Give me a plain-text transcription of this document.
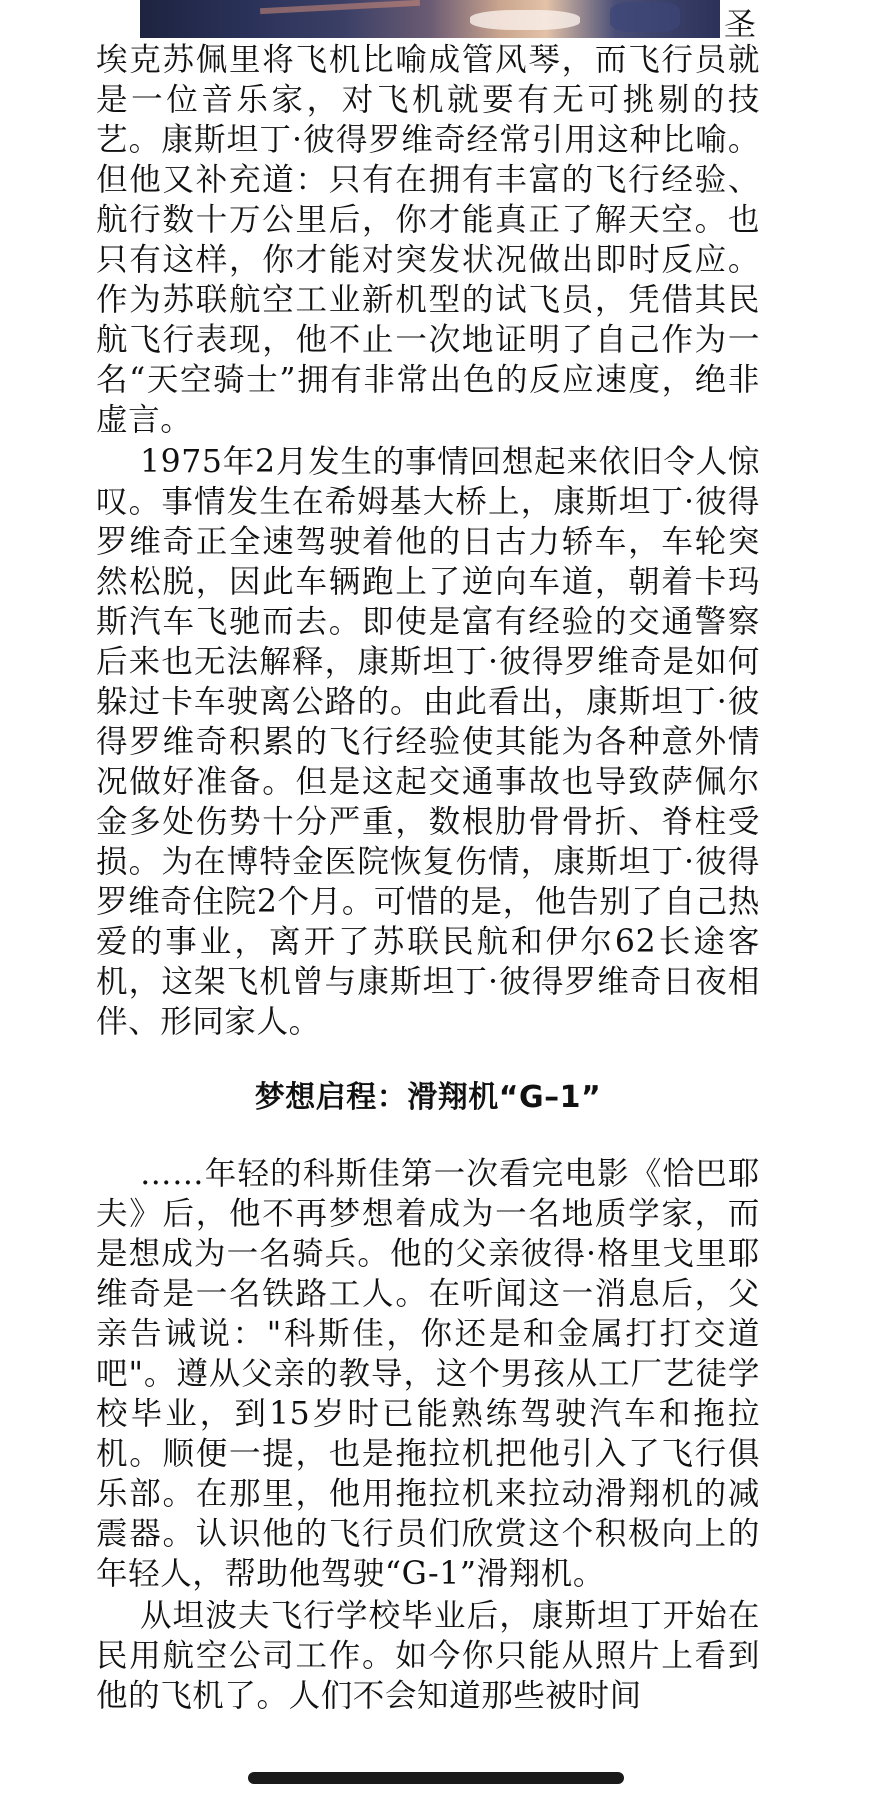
圣

埃克苏佩里将飞机比喻成管风琴，而飞行员就是一位音乐家，对飞机就要有无可挑剔的技艺。康斯坦丁·彼得罗维奇经常引用这种比喻。但他又补充道：只有在拥有丰富的飞行经验、航行数十万公里后，你才能真正了解天空。也只有这样，你才能对突发状况做出即时反应。作为苏联航空工业新机型的试飞员，凭借其民航飞行表现，他不止一次地证明了自己作为一名“天空骑士”拥有非常出色的反应速度，绝非虚言。

1975年2月发生的事情回想起来依旧令人惊叹。事情发生在希姆基大桥上，康斯坦丁·彼得罗维奇正全速驾驶着他的日古力轿车，车轮突然松脱，因此车辆跑上了逆向车道，朝着卡玛斯汽车飞驰而去。即使是富有经验的交通警察后来也无法解释，康斯坦丁·彼得罗维奇是如何躲过卡车驶离公路的。由此看出，康斯坦丁·彼得罗维奇积累的飞行经验使其能为各种意外情况做好准备。但是这起交通事故也导致萨佩尔金多处伤势十分严重，数根肋骨骨折、脊柱受损。为在博特金医院恢复伤情，康斯坦丁·彼得罗维奇住院2个月。可惜的是，他告别了自己热爱的事业，离开了苏联民航和伊尔62长途客机，这架飞机曾与康斯坦丁·彼得罗维奇日夜相伴、形同家人。

梦想启程：滑翔机“G–1”

……年轻的科斯佳第一次看完电影《恰巴耶夫》后，他不再梦想着成为一名地质学家，而是想成为一名骑兵。他的父亲彼得·格里戈里耶维奇是一名铁路工人。在听闻这一消息后，父亲告诫说："科斯佳，你还是和金属打打交道吧"。遵从父亲的教导，这个男孩从工厂艺徒学校毕业，到15岁时已能熟练驾驶汽车和拖拉机。顺便一提，也是拖拉机把他引入了飞行俱乐部。在那里，他用拖拉机来拉动滑翔机的减震器。认识他的飞行员们欣赏这个积极向上的年轻人，帮助他驾驶“G-1”滑翔机。

从坦波夫飞行学校毕业后，康斯坦丁开始在民用航空公司工作。如今你只能从照片上看到他的飞机了。人们不会知道那些被时间
